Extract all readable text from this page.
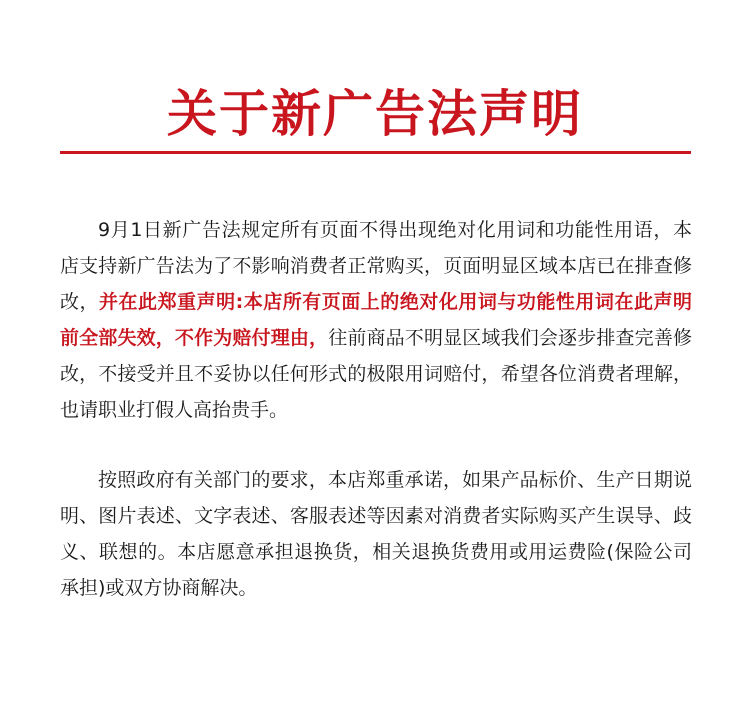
关于新广告法声明

9月1日新广告法规定所有页面不得出现绝对化用词和功能性用语，本店支持新广告法为了不影响消费者正常购买，页面明显区域本店已在排查修改，并在此郑重声明:本店所有页面上的绝对化用词与功能性用词在此声明前全部失效，不作为赔付理由，往前商品不明显区域我们会逐步排查完善修改，不接受并且不妥协以任何形式的极限用词赔付，希望各位消费者理解，也请职业打假人高抬贵手。

按照政府有关部门的要求，本店郑重承诺，如果产品标价、生产日期说明、图片表述、文字表述、客服表述等因素对消费者实际购买产生误导、歧义、联想的。本店愿意承担退换货，相关退换货费用或用运费险(保险公司承担)或双方协商解决。
